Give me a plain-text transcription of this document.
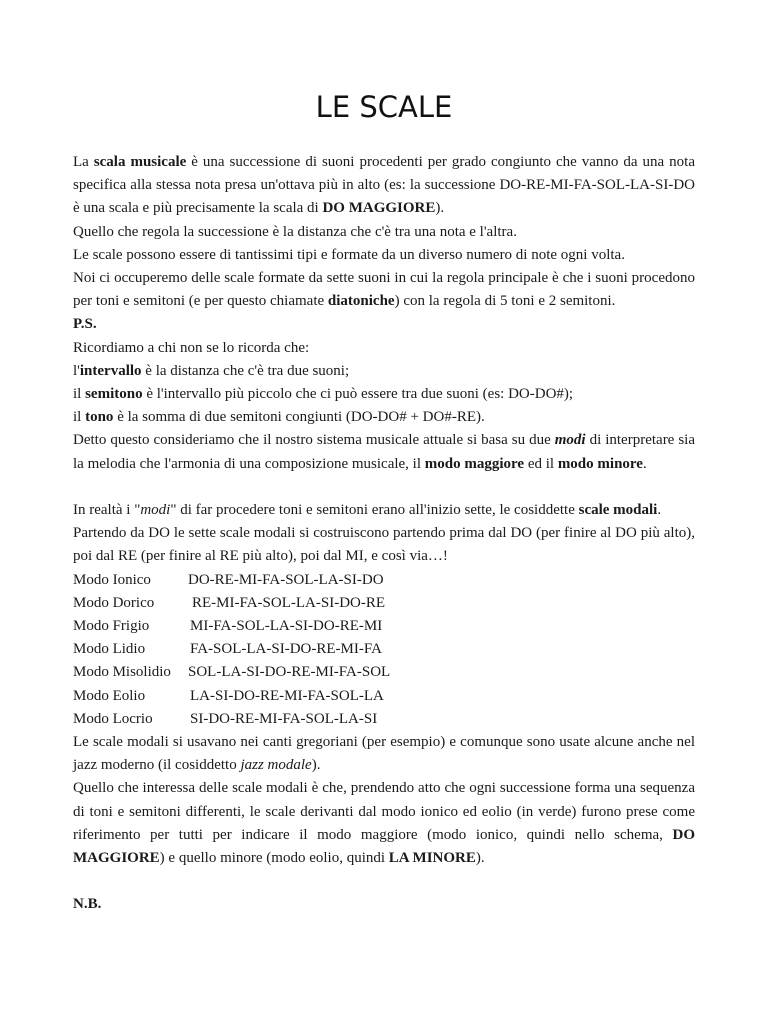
LE SCALE

La scala musicale è una successione di suoni procedenti per grado congiunto che vanno da una nota specifica alla stessa nota presa un'ottava più in alto (es: la successione DO-RE-MI-FA-SOL-LA-SI-DO è una scala e più precisamente la scala di DO MAGGIORE).

Quello che regola la successione è la distanza che c'è tra una nota e l'altra.

Le scale possono essere di tantissimi tipi e formate da un diverso numero di note ogni volta.

Noi ci occuperemo delle scale formate da sette suoni in cui la regola principale è che i suoni procedono per toni e semitoni (e per questo chiamate diatoniche) con la regola di 5 toni e 2 semitoni.

P.S.

Ricordiamo a chi non se lo ricorda che:

l'intervallo è la distanza che c'è tra due suoni;

il semitono è l'intervallo più piccolo che ci può essere tra due suoni (es: DO-DO#);

il tono è la somma di due semitoni congiunti (DO-DO# + DO#-RE).

Detto questo consideriamo che il nostro sistema musicale attuale si basa su due modi di interpretare sia la melodia che l'armonia di una composizione musicale, il modo maggiore ed il modo minore.

In realtà i "modi" di far procedere toni e semitoni erano all'inizio sette, le cosiddette scale modali.

Partendo da DO le sette scale modali si costruiscono partendo prima dal DO (per finire al DO più alto), poi dal RE (per finire al RE più alto), poi dal MI, e così via…!

Modo Ionico	DO-RE-MI-FA-SOL-LA-SI-DO
Modo Dorico	RE-MI-FA-SOL-LA-SI-DO-RE
Modo Frigio	MI-FA-SOL-LA-SI-DO-RE-MI
Modo Lidio	FA-SOL-LA-SI-DO-RE-MI-FA
Modo Misolidio	SOL-LA-SI-DO-RE-MI-FA-SOL
Modo Eolio	LA-SI-DO-RE-MI-FA-SOL-LA
Modo Locrio	SI-DO-RE-MI-FA-SOL-LA-SI

Le scale modali si usavano nei canti gregoriani (per esempio) e comunque sono usate alcune anche nel jazz moderno (il cosiddetto jazz modale).

Quello che interessa delle scale modali è che, prendendo atto che ogni successione forma una sequenza di toni e semitoni differenti, le scale derivanti dal modo ionico ed eolio (in verde) furono prese come riferimento per tutti per indicare il modo maggiore (modo ionico, quindi nello schema, DO MAGGIORE) e quello minore (modo eolio, quindi LA MINORE).

N.B.
